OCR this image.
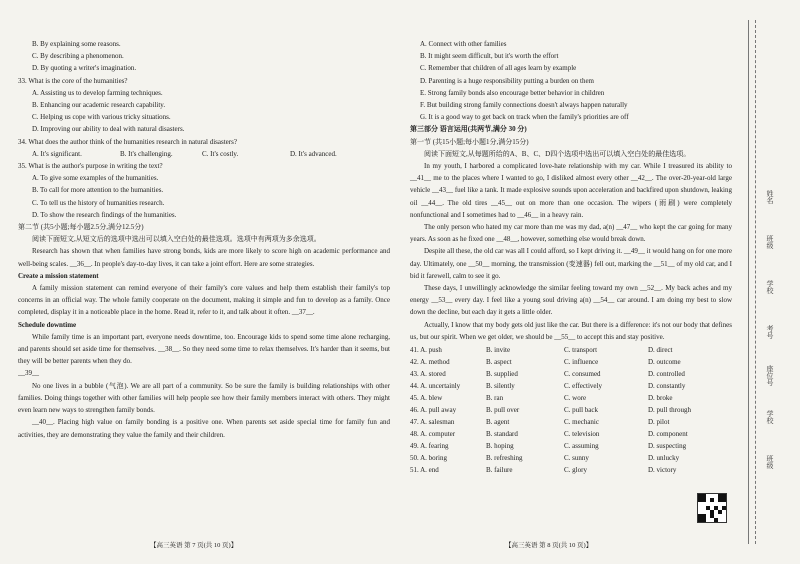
B. By explaining some reasons.
C. By describing a phenomenon.
D. By quoting a writer's imagination.
33. What is the core of the humanities?
A. Assisting us to develop farming techniques.
B. Enhancing our academic research capability.
C. Helping us cope with various tricky situations.
D. Improving our ability to deal with natural disasters.
34. What does the author think of the humanities research in natural disasters?
A. It's significant.	B. It's challenging.	C. It's costly.	D. It's advanced.
35. What is the author's purpose in writing the text?
A. To give some examples of the humanities.
B. To call for more attention to the humanities.
C. To tell us the history of humanities research.
D. To show the research findings of the humanities.
第二节 (共5小题;每小题2.5分,满分12.5分)
阅读下面短文,从短文后的选项中选出可以填入空白处的最佳选项。选项中有两项为多余选项。
Research has shown that when families have strong bonds, kids are more likely to score high on academic performance and well-being scales. __36__. In people's day-to-day lives, it can take a joint effort. Here are some strategies.
Create a mission statement
A family mission statement can remind everyone of their family's core values and help them establish their family's top concerns in an official way. The whole family cooperate on the document, making it simple and fun to develop as a family. Once completed, display it in a noticeable place in the home. Read it, refer to it, and talk about it often. __37__.
Schedule downtime
While family time is an important part, everyone needs downtime, too. Encourage kids to spend some time alone recharging, and parents should set aside time for themselves. __38__. So they need some time to relax themselves. It's harder than it seems, but they will be better parents when they do.
__39__
No one lives in a bubble (气泡). We are all part of a community. So be sure the family is building relationships with other families. Doing things together with other families will help people see how their family members interact with others. They might even learn new ways to strengthen family bonds.
__40__. Placing high value on family bonding is a positive one. When parents set aside special time for family fun and activities, they are demonstrating they value the family and their children.
【高三英语 第 7 页(共 10 页)】
A. Connect with other families
B. It might seem difficult, but it's worth the effort
C. Remember that children of all ages learn by example
D. Parenting is a huge responsibility putting a burden on them
E. Strong family bonds also encourage better behavior in children
F. But building strong family connections doesn't always happen naturally
G. It is a good way to get back on track when the family's priorities are off
第三部分 语言运用(共两节,满分 30 分)
第一节 (共15小题;每小题1分,满分15分)
阅读下面短文,从每题所给的A、B、C、D四个选项中选出可以填入空白处的最佳选项。
In my youth, I harbored a complicated love-hate relationship with my car. While I treasured its ability to __41__ me to the places where I wanted to go, I disliked almost every other __42__. The over-20-year-old large vehicle __43__ fuel like a tank. It made explosive sounds upon acceleration and backfired upon shutdown, leaking oil __44__. The old tires __45__ out on more than one occasion. The wipers (雨刷) were completely nonfunctional and I sometimes had to __46__ in a heavy rain.
The only person who hated my car more than me was my dad, a(n) __47__ who kept the car going for many years. As soon as he fixed one __48__, however, something else would break down.
Despite all these, the old car was all I could afford, so I kept driving it. __49__ it would hang on for one more day. Ultimately, one __50__ morning, the transmission (变速器) fell out, marking the __51__ of my old car, and I bid it farewell, calm to see it go.
These days, I unwillingly acknowledge the similar feeling toward my own __52__. My back aches and my energy __53__ every day. I feel like a young soul driving a(n) __54__ car around. I am doing my best to slow down the decline, but each day it gets a little older.
Actually, I know that my body gets old just like the car. But there is a difference: it's not our body that defines us, but our spirit. When we get older, we should be __55__ to accept this and stay positive.
41. A. push	B. invite	C. transport	D. direct
42. A. method	B. aspect	C. influence	D. outcome
43. A. stored	B. supplied	C. consumed	D. controlled
44. A. uncertainly	B. silently	C. effectively	D. constantly
45. A. blew	B. ran	C. wore	D. broke
46. A. pull away	B. pull over	C. pull back	D. pull through
47. A. salesman	B. agent	C. mechanic	D. pilot
48. A. computer	B. standard	C. television	D. component
49. A. fearing	B. hoping	C. assuming	D. suspecting
50. A. boring	B. refreshing	C. sunny	D. unlucky
51. A. end	B. failure	C. glory	D. victory
【高三英语 第 8 页(共 10 页)】
姓名
班级
学校
考号
座位号
学校
班级
